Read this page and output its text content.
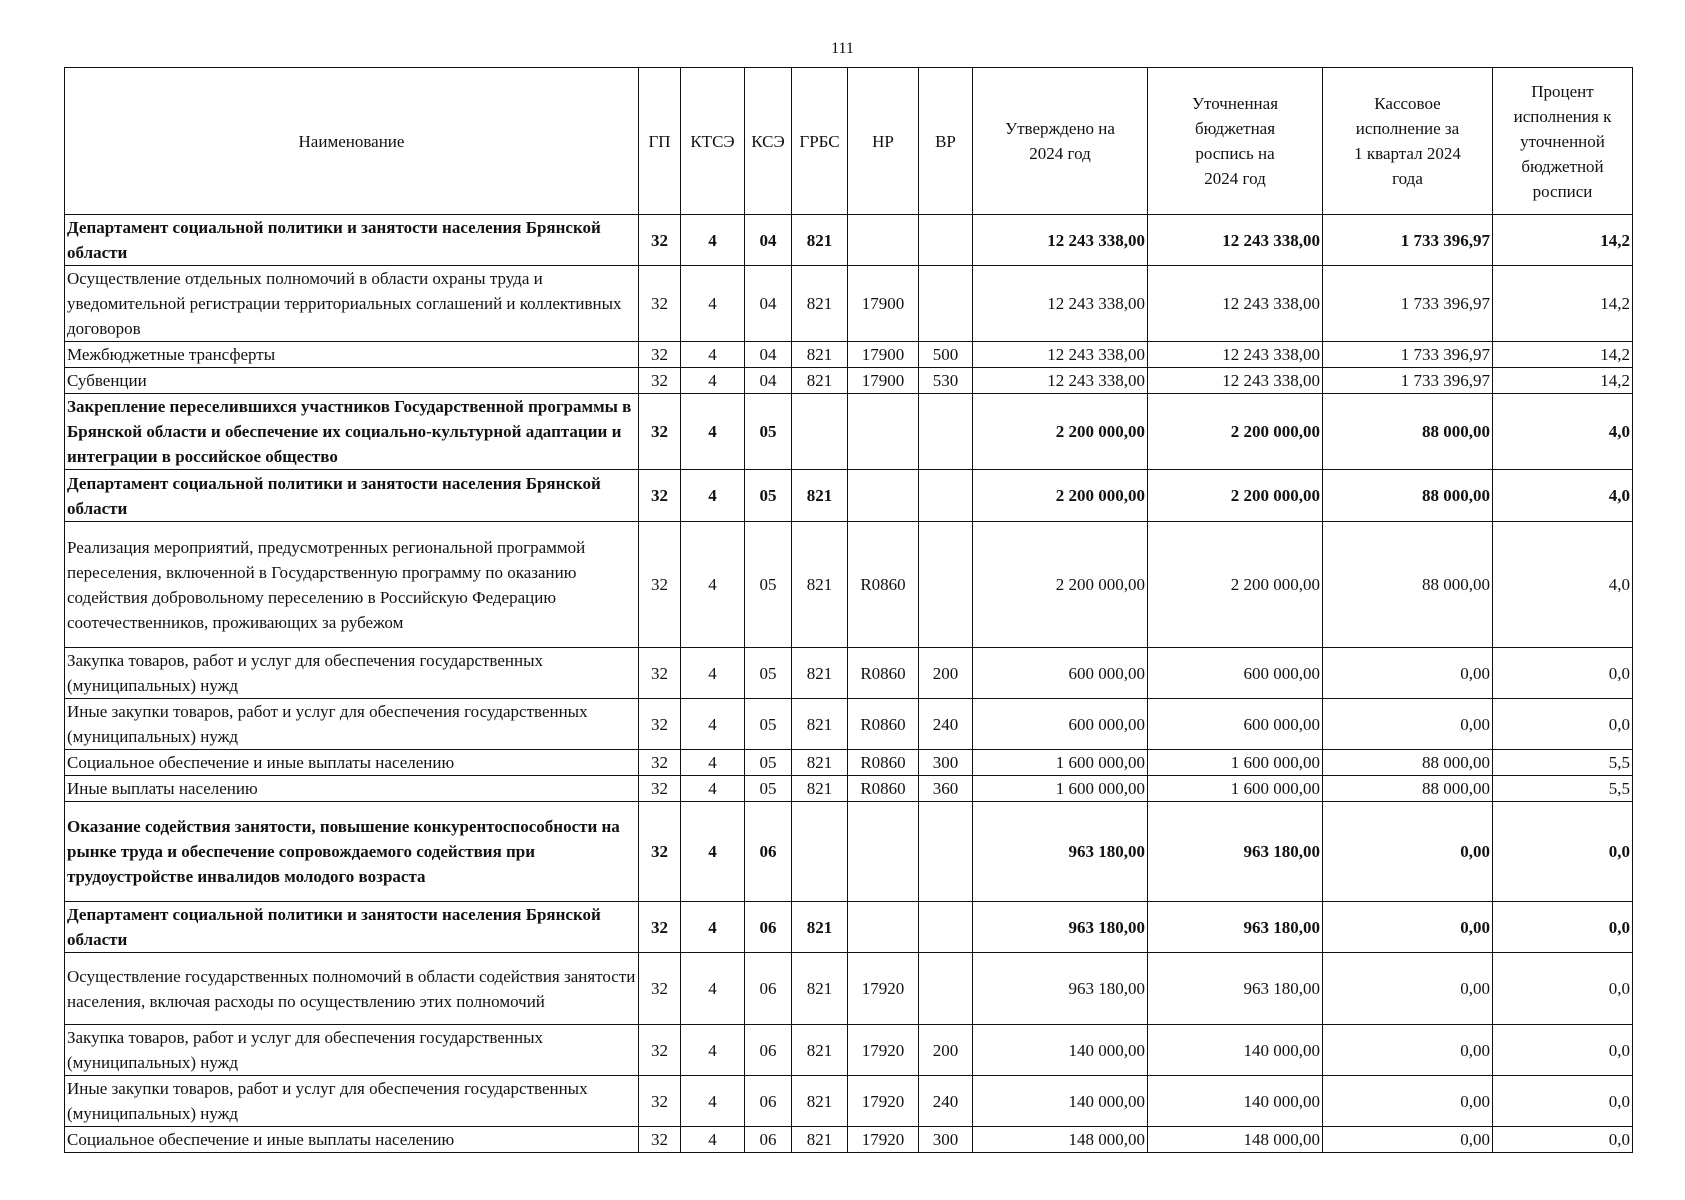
111
Наименование	ГП	КТСЭ	КСЭ	ГРБС	НР	ВР	Утверждено на 2024 год	Уточненная бюджетная роспись на 2024 год	Кассовое исполнение за 1 квартал 2024 года	Процент исполнения к уточненной бюджетной росписи
Департамент социальной политики и занятости населения Брянской области	32	4	04	821			12 243 338,00	12 243 338,00	1 733 396,97	14,2
Осуществление отдельных полномочий в области охраны труда и уведомительной регистрации территориальных соглашений и коллективных договоров	32	4	04	821	17900		12 243 338,00	12 243 338,00	1 733 396,97	14,2
Межбюджетные трансферты	32	4	04	821	17900	500	12 243 338,00	12 243 338,00	1 733 396,97	14,2
Субвенции	32	4	04	821	17900	530	12 243 338,00	12 243 338,00	1 733 396,97	14,2
Закрепление переселившихся участников Государственной программы в Брянской области и обеспечение их социально-культурной адаптации и интеграции в российское общество	32	4	05				2 200 000,00	2 200 000,00	88 000,00	4,0
Департамент социальной политики и занятости населения Брянской области	32	4	05	821			2 200 000,00	2 200 000,00	88 000,00	4,0
Реализация мероприятий, предусмотренных региональной программой переселения, включенной в Государственную программу по оказанию содействия добровольному переселению в Российскую Федерацию соотечественников, проживающих за рубежом	32	4	05	821	R0860		2 200 000,00	2 200 000,00	88 000,00	4,0
Закупка товаров, работ и услуг для обеспечения государственных (муниципальных) нужд	32	4	05	821	R0860	200	600 000,00	600 000,00	0,00	0,0
Иные закупки товаров, работ и услуг для обеспечения государственных (муниципальных) нужд	32	4	05	821	R0860	240	600 000,00	600 000,00	0,00	0,0
Социальное обеспечение и иные выплаты населению	32	4	05	821	R0860	300	1 600 000,00	1 600 000,00	88 000,00	5,5
Иные выплаты населению	32	4	05	821	R0860	360	1 600 000,00	1 600 000,00	88 000,00	5,5
Оказание содействия занятости, повышение конкурентоспособности на рынке труда и обеспечение сопровождаемого содействия при трудоустройстве инвалидов молодого возраста	32	4	06				963 180,00	963 180,00	0,00	0,0
Департамент социальной политики и занятости населения Брянской области	32	4	06	821			963 180,00	963 180,00	0,00	0,0
Осуществление государственных полномочий в области содействия занятости населения, включая расходы по осуществлению этих полномочий	32	4	06	821	17920		963 180,00	963 180,00	0,00	0,0
Закупка товаров, работ и услуг для обеспечения государственных (муниципальных) нужд	32	4	06	821	17920	200	140 000,00	140 000,00	0,00	0,0
Иные закупки товаров, работ и услуг для обеспечения государственных (муниципальных) нужд	32	4	06	821	17920	240	140 000,00	140 000,00	0,00	0,0
Социальное обеспечение и иные выплаты населению	32	4	06	821	17920	300	148 000,00	148 000,00	0,00	0,0
